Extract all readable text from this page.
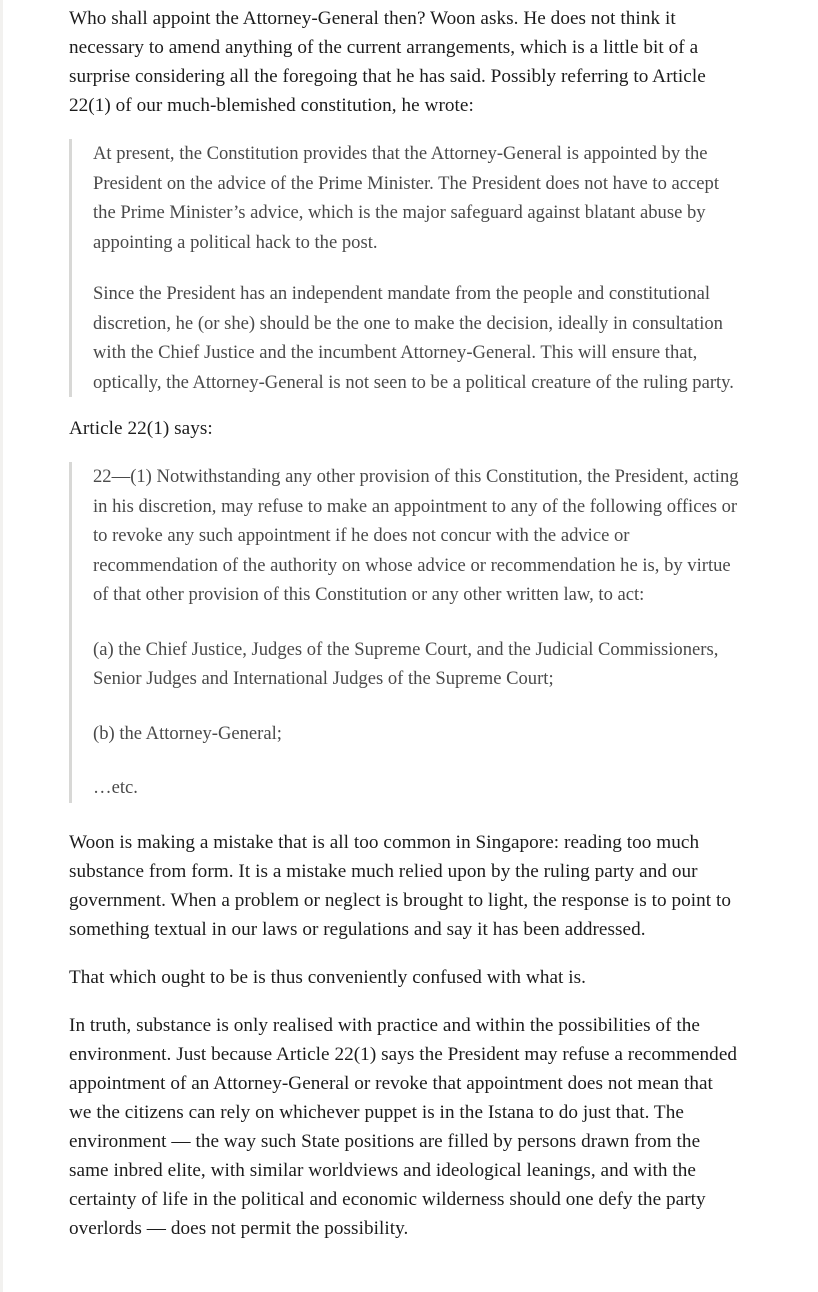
Who shall appoint the Attorney-General then? Woon asks. He does not think it necessary to amend anything of the current arrangements, which is a little bit of a surprise considering all the foregoing that he has said. Possibly referring to Article 22(1) of our much-blemished constitution, he wrote:

At present, the Constitution provides that the Attorney-General is appointed by the President on the advice of the Prime Minister. The President does not have to accept the Prime Minister’s advice, which is the major safeguard against blatant abuse by appointing a political hack to the post.

Since the President has an independent mandate from the people and constitutional discretion, he (or she) should be the one to make the decision, ideally in consultation with the Chief Justice and the incumbent Attorney-General. This will ensure that, optically, the Attorney-General is not seen to be a political creature of the ruling party.

Article 22(1) says:

22—(1) Notwithstanding any other provision of this Constitution, the President, acting in his discretion, may refuse to make an appointment to any of the following offices or to revoke any such appointment if he does not concur with the advice or recommendation of the authority on whose advice or recommendation he is, by virtue of that other provision of this Constitution or any other written law, to act:

(a) the Chief Justice, Judges of the Supreme Court, and the Judicial Commissioners, Senior Judges and International Judges of the Supreme Court;

(b) the Attorney-General;

…etc.

Woon is making a mistake that is all too common in Singapore: reading too much substance from form. It is a mistake much relied upon by the ruling party and our government. When a problem or neglect is brought to light, the response is to point to something textual in our laws or regulations and say it has been addressed.

That which ought to be is thus conveniently confused with what is.

In truth, substance is only realised with practice and within the possibilities of the environment. Just because Article 22(1) says the President may refuse a recommended appointment of an Attorney-General or revoke that appointment does not mean that we the citizens can rely on whichever puppet is in the Istana to do just that. The environment — the way such State positions are filled by persons drawn from the same inbred elite, with similar worldviews and ideological leanings, and with the certainty of life in the political and economic wilderness should one defy the party overlords — does not permit the possibility.
